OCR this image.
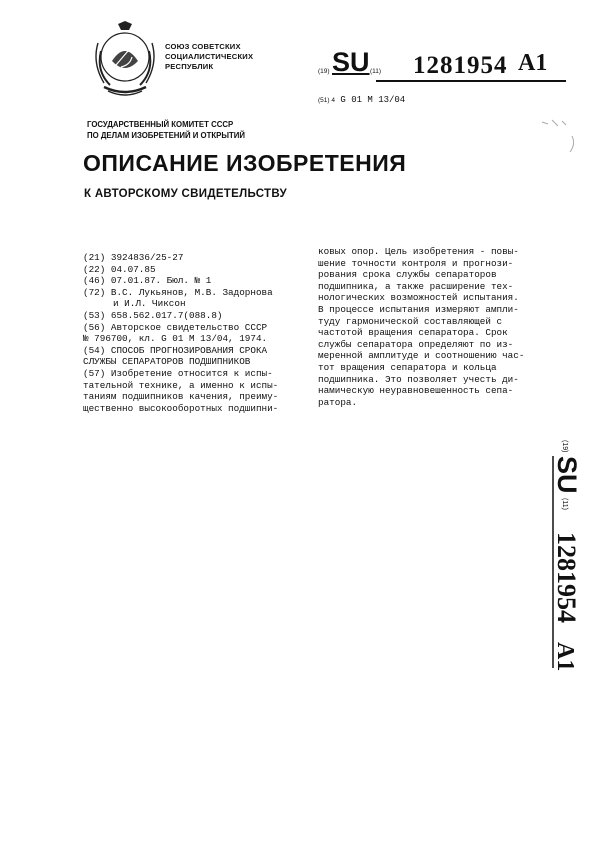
СОЮЗ СОВЕТСКИХ
СОЦИАЛИСТИЧЕСКИХ
РЕСПУБЛИК
(19) SU (11) 1281954 A1
(51) 4 G 01 M 13/04
ГОСУДАРСТВЕННЫЙ КОМИТЕТ СССР
ПО ДЕЛАМ ИЗОБРЕТЕНИЙ И ОТКРЫТИЙ
ОПИСАНИЕ ИЗОБРЕТЕНИЯ
К АВТОРСКОМУ СВИДЕТЕЛЬСТВУ
(21) 3924836/25-27
(22) 04.07.85
(46) 07.01.87. Бюл. № 1
(72) В.С. Лукьянов, М.В. Задорнова
и И.Л. Чиксон
(53) 658.562.017.7(088.8)
(56) Авторское свидетельство СССР
№ 796700, кл. G 01 M 13/04, 1974.
(54) СПОСОБ ПРОГНОЗИРОВАНИЯ СРОКА
СЛУЖБЫ СЕПАРАТОРОВ ПОДШИПНИКОВ
(57) Изобретение относится к испы-
тательной технике, а именно к испы-
таниям подшипников качения, преиму-
щественно высокооборотных подшипни-
ковых опор. Цель изобретения - повы-
шение точности контроля и прогнози-
рования срока службы сепараторов
подшипника, а также расширение тех-
нологических возможностей испытания.
В процессе испытания измеряют ампли-
туду гармонической составляющей с
частотой вращения сепаратора. Срок
службы сепаратора определяют по из-
меренной амплитуде и соотношению час-
тот вращения сепаратора и кольца
подшипника. Это позволяет учесть ди-
намическую неуравновешенность сепа-
ратора.
(19)
SU
(11)
1281954
A1
